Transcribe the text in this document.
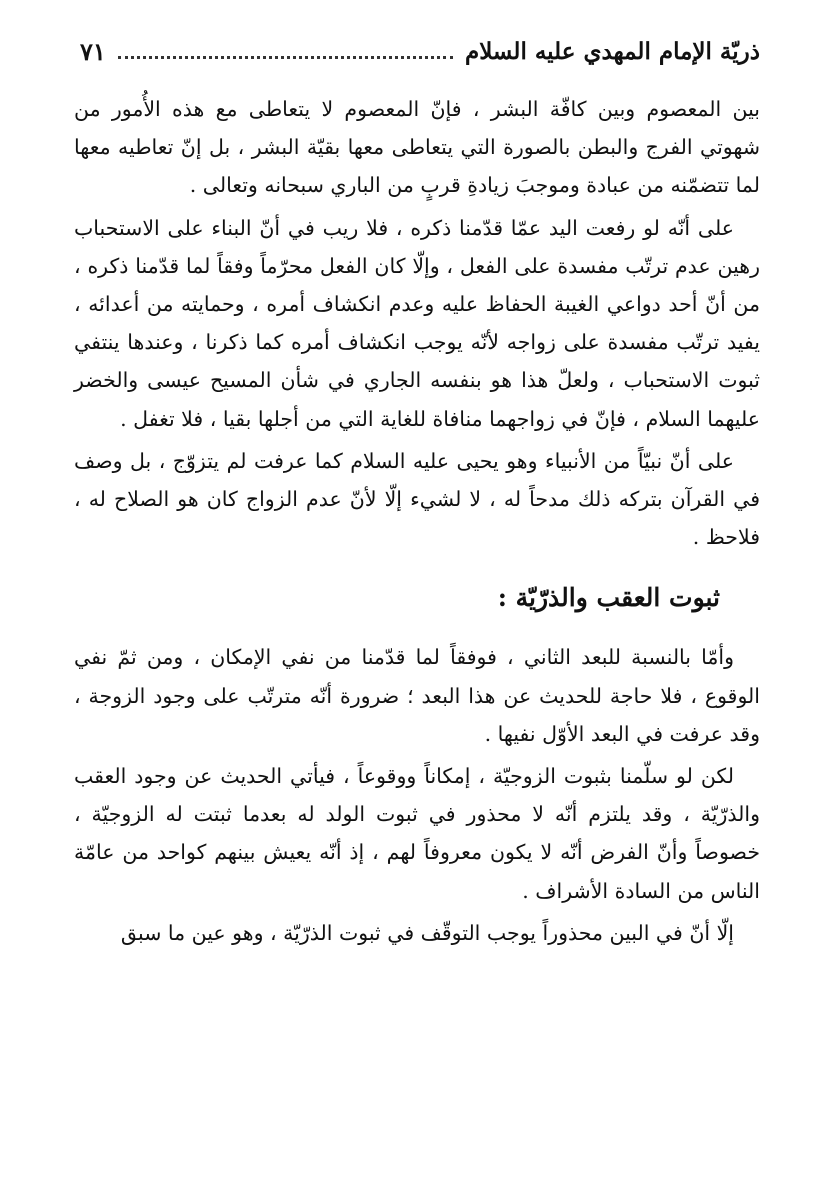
ذريّة الإمام المهدي عليه السلام
٧١

بين المعصوم وبين كافّة البشر ، فإنّ المعصوم لا يتعاطى مع هذه الأُمور من شهوتي الفرج والبطن بالصورة التي يتعاطى معها بقيّة البشر ، بل إنّ تعاطيه معها لما تتضمّنه من عبادة وموجبَ زيادةِ قربٍ من الباري سبحانه وتعالى .

على أنّه لو رفعت اليد عمّا قدّمنا ذكره ، فلا ريب في أنّ البناء على الاستحباب رهين عدم ترتّب مفسدة على الفعل ، وإلّا كان الفعل محرّماً وفقاً لما قدّمنا ذكره ، من أنّ أحد دواعي الغيبة الحفاظ عليه وعدم انكشاف أمره ، وحمايته من أعدائه ، يفيد ترتّب مفسدة على زواجه لأنّه يوجب انكشاف أمره كما ذكرنا ، وعندها ينتفي ثبوت الاستحباب ، ولعلّ هذا هو بنفسه الجاري في شأن المسيح عيسى والخضر عليهما السلام ، فإنّ في زواجهما منافاة للغاية التي من أجلها بقيا ، فلا تغفل .

على أنّ نبيّاً من الأنبياء وهو يحيى عليه السلام كما عرفت لم يتزوّج ، بل وصف في القرآن بتركه ذلك مدحاً له ، لا لشيء إلّا لأنّ عدم الزواج كان هو الصلاح له ، فلاحظ .

ثبوت العقب والذرّيّة :

وأمّا بالنسبة للبعد الثاني ، فوفقاً لما قدّمنا من نفي الإمكان ، ومن ثمّ نفي الوقوع ، فلا حاجة للحديث عن هذا البعد ؛ ضرورة أنّه مترتّب على وجود الزوجة ، وقد عرفت في البعد الأوّل نفيها .

لكن لو سلّمنا بثبوت الزوجيّة ، إمكاناً ووقوعاً ، فيأتي الحديث عن وجود العقب والذرّيّة ، وقد يلتزم أنّه لا محذور في ثبوت الولد له بعدما ثبتت له الزوجيّة ، خصوصاً وأنّ الفرض أنّه لا يكون معروفاً لهم ، إذ أنّه يعيش بينهم كواحد من عامّة الناس من السادة الأشراف .

إلّا أنّ في البين محذوراً يوجب التوقّف في ثبوت الذرّيّة ، وهو عين ما سبق
